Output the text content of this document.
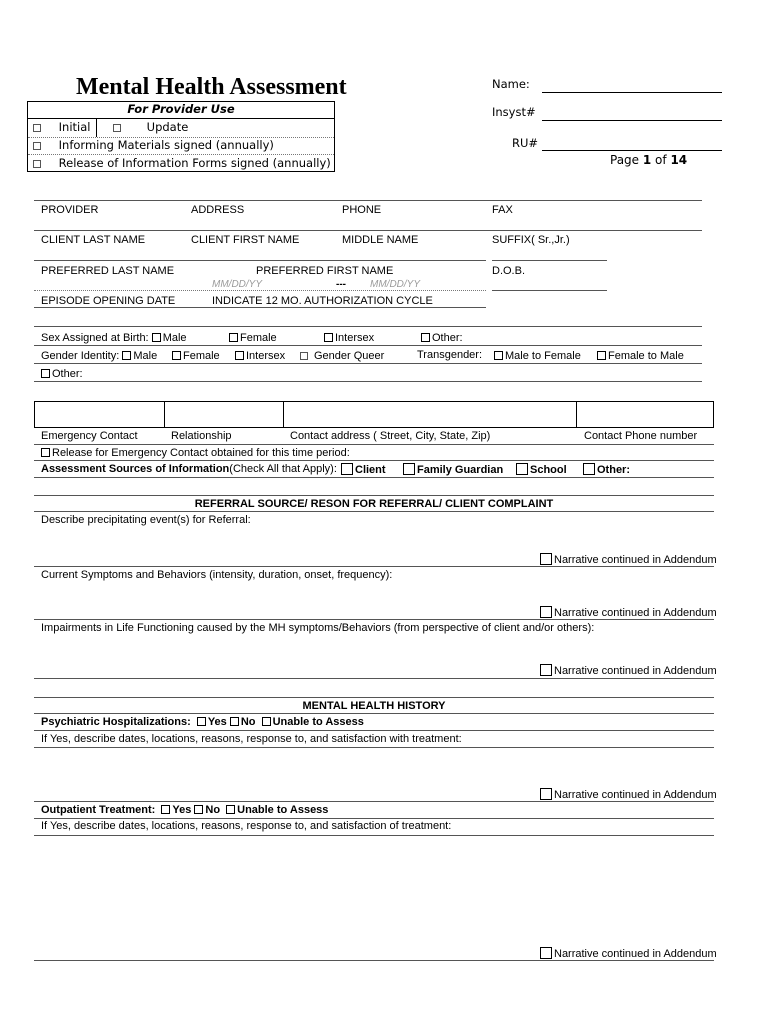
Mental Health Assessment	Name:
Insyst#
RU#
Page 1 of 14
For Provider Use
Initial	Update
Informing Materials signed (annually)
Release of Information Forms signed (annually)
PROVIDER	ADDRESS	PHONE	FAX
CLIENT LAST NAME	CLIENT FIRST NAME	MIDDLE NAME	SUFFIX( Sr.,Jr.)
PREFERRED LAST NAME	PREFERRED FIRST NAME	D.O.B.
MM/DD/YY	--- MM/DD/YY
EPISODE OPENING DATE	INDICATE 12 MO. AUTHORIZATION CYCLE
Sex Assigned at Birth: Male	Female	Intersex	Other:
Gender Identity: Male	Female	Intersex	Gender Queer	Transgender:	Male to Female	Female to Male
Other:
Emergency Contact	Relationship	Contact address ( Street, City, State, Zip)	Contact Phone number
Release for Emergency Contact obtained for this time period:
Assessment Sources of Information(Check All that Apply):	Client	Family Guardian	School	Other:
REFERRAL SOURCE/ RESON FOR REFERRAL/ CLIENT COMPLAINT
Describe precipitating event(s) for Referral:
Narrative continued in Addendum
Current Symptoms and Behaviors (intensity, duration, onset, frequency):
Narrative continued in Addendum
Impairments in Life Functioning caused by the MH symptoms/Behaviors (from perspective of client and/or others):
Narrative continued in Addendum
MENTAL HEALTH HISTORY
Psychiatric Hospitalizations: Yes No Unable to Assess
If Yes, describe dates, locations, reasons, response to, and satisfaction with treatment:
Narrative continued in Addendum
Outpatient Treatment: Yes No Unable to Assess
If Yes, describe dates, locations, reasons, response to, and satisfaction of treatment:
Narrative continued in Addendum
